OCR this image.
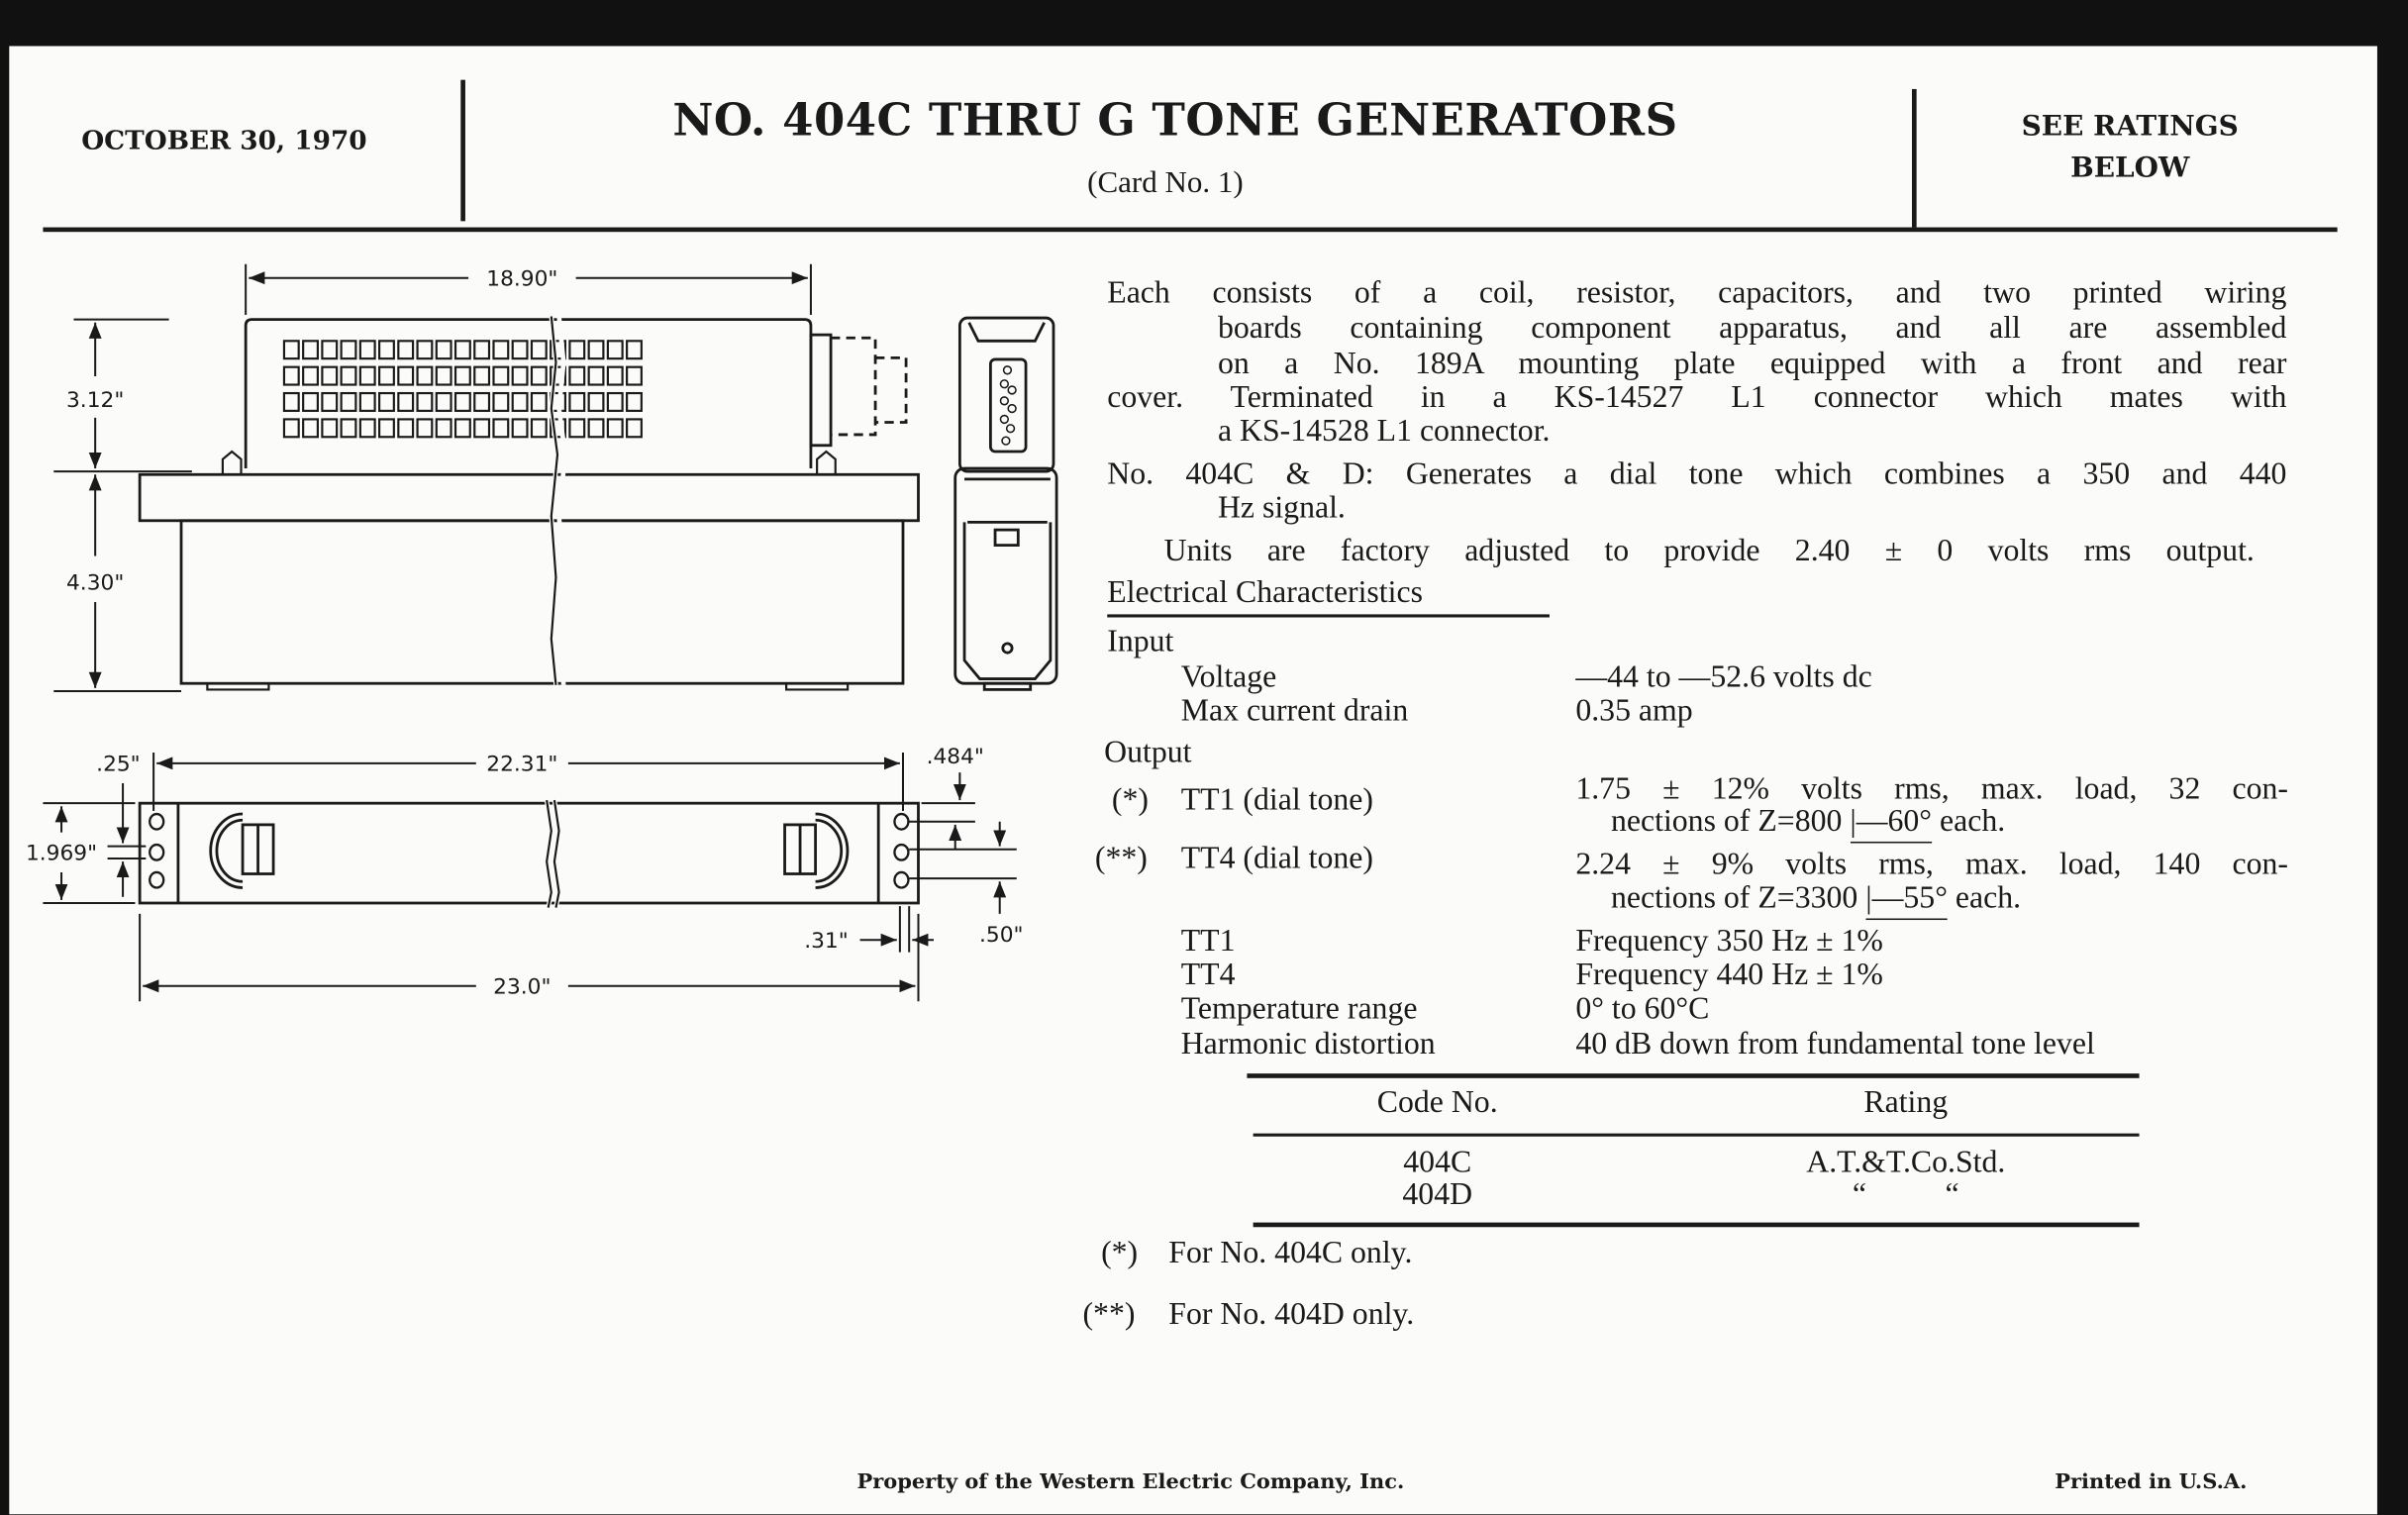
OCTOBER 30, 1970	NO. 404C THRU G TONE GENERATORS
(Card No. 1)
SEE RATINGS
BELOW
Each consists of a coil, resistor, capacitors, and two printed wiring
boards containing component apparatus, and all are assembled
on a No. 189A mounting plate equipped with a front and rear
cover. Terminated in a KS-14527 L1 connector which mates with
a KS-14528 L1 connector.
No. 404C & D: Generates a dial tone which combines a 350 and 440
Hz signal.
Units are factory adjusted to provide 2.40 ± 0 volts rms output.
Electrical Characteristics
Input
Voltage	—44 to —52.6 volts dc
Max current drain	0.35 amp
Output
(*) TT1 (dial tone)	1.75 ± 12% volts rms, max. load, 32 con-
nections of Z=800 |—60° each.
(**) TT4 (dial tone)	2.24 ± 9% volts rms, max. load, 140 con-
nections of Z=3300 |—55° each.
TT1	Frequency 350 Hz ± 1%
TT4	Frequency 440 Hz ± 1%
Temperature range	0° to 60°C
Harmonic distortion	40 dB down from fundamental tone level
Code No.	Rating
404C	A.T.&T.Co.Std.
404D	“          “
(*) For No. 404C only.
(**) For No. 404D only.
Property of the Western Electric Company, Inc.	Printed in U.S.A.
18.90"
3.12"
4.30"
22.31"
23.0"
1.969"
.25"	.484"
.50"
.31"
